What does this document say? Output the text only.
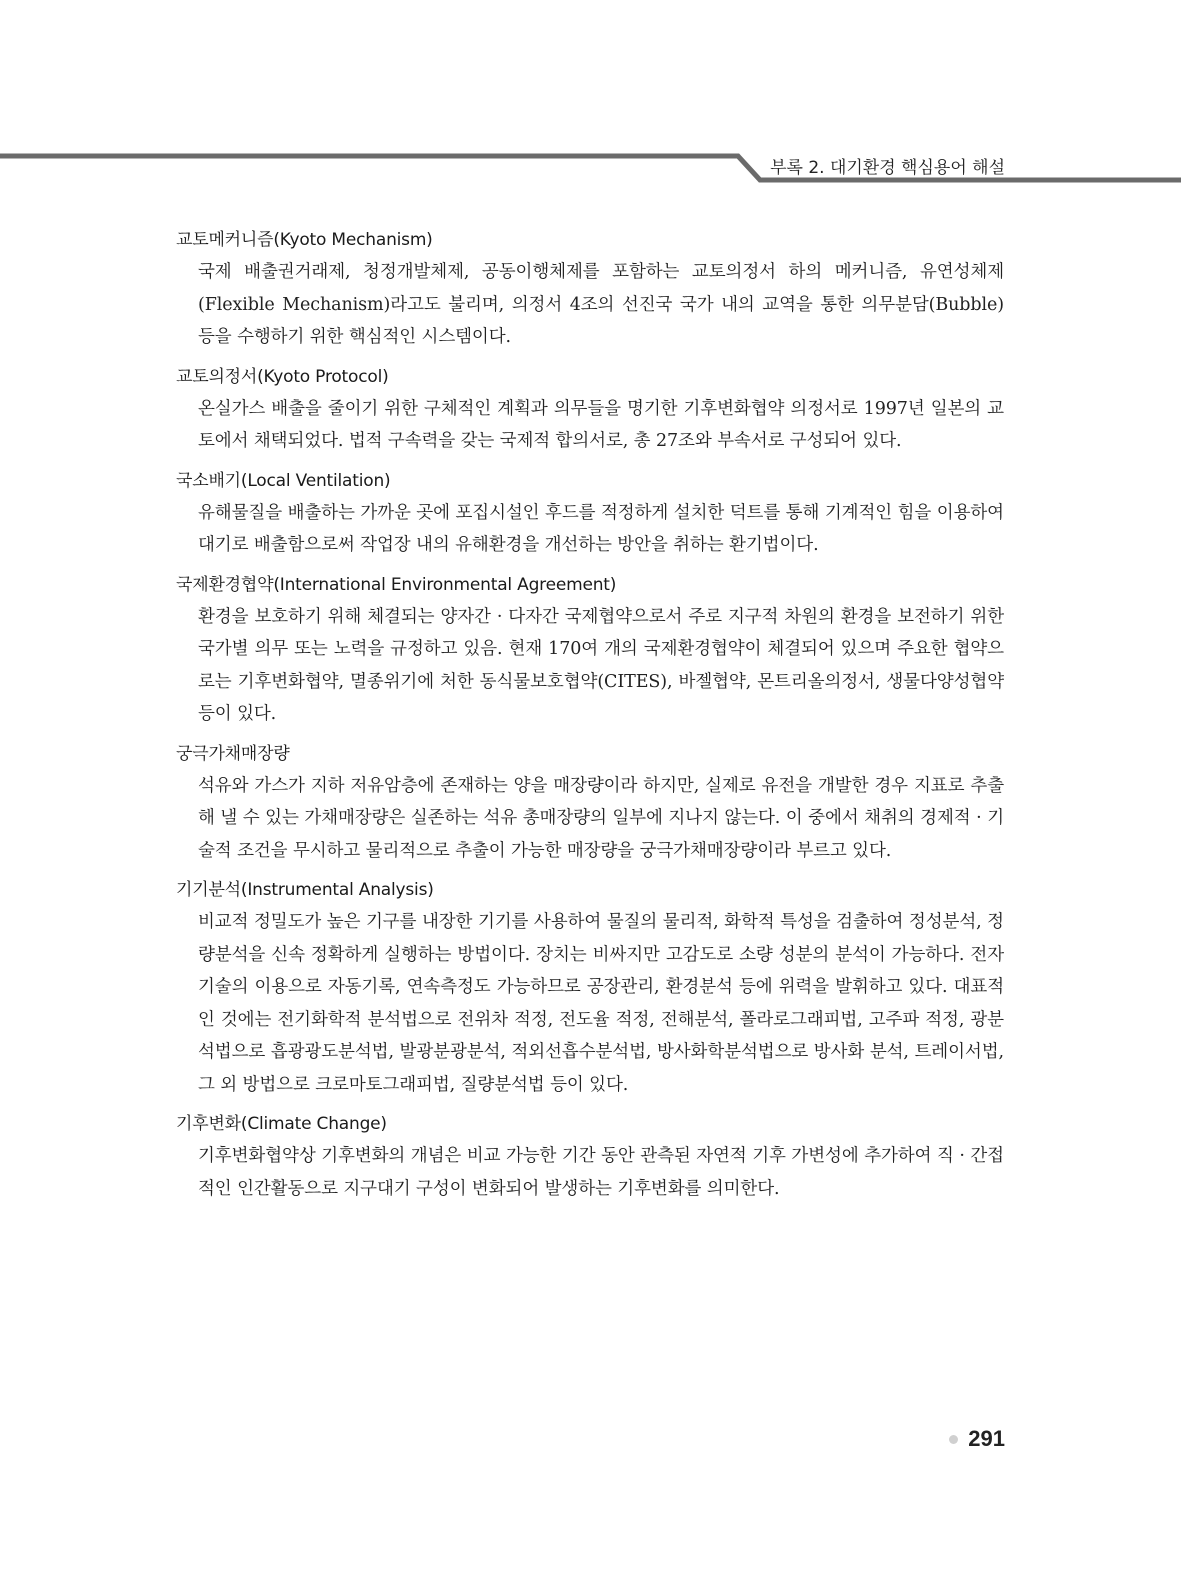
부록 2. 대기환경 핵심용어 해설

교토메커니즘(Kyoto Mechanism)

국제 배출권거래제, 청정개발체제, 공동이행체제를 포함하는 교토의정서 하의 메커니즘, 유연성체제(Flexible Mechanism)라고도 불리며, 의정서 4조의 선진국 국가 내의 교역을 통한 의무분담(Bubble) 등을 수행하기 위한 핵심적인 시스템이다.

교토의정서(Kyoto Protocol)

온실가스 배출을 줄이기 위한 구체적인 계획과 의무들을 명기한 기후변화협약 의정서로 1997년 일본의 교토에서 채택되었다. 법적 구속력을 갖는 국제적 합의서로, 총 27조와 부속서로 구성되어 있다.

국소배기(Local Ventilation)

유해물질을 배출하는 가까운 곳에 포집시설인 후드를 적정하게 설치한 덕트를 통해 기계적인 힘을 이용하여 대기로 배출함으로써 작업장 내의 유해환경을 개선하는 방안을 취하는 환기법이다.

국제환경협약(International Environmental Agreement)

환경을 보호하기 위해 체결되는 양자간 · 다자간 국제협약으로서 주로 지구적 차원의 환경을 보전하기 위한 국가별 의무 또는 노력을 규정하고 있음. 현재 170여 개의 국제환경협약이 체결되어 있으며 주요한 협약으로는 기후변화협약, 멸종위기에 처한 동식물보호협약(CITES), 바젤협약, 몬트리올의정서, 생물다양성협약 등이 있다.

궁극가채매장량

석유와 가스가 지하 저유암층에 존재하는 양을 매장량이라 하지만, 실제로 유전을 개발한 경우 지표로 추출해 낼 수 있는 가채매장량은 실존하는 석유 총매장량의 일부에 지나지 않는다. 이 중에서 채취의 경제적 · 기술적 조건을 무시하고 물리적으로 추출이 가능한 매장량을 궁극가채매장량이라 부르고 있다.

기기분석(Instrumental Analysis)

비교적 정밀도가 높은 기구를 내장한 기기를 사용하여 물질의 물리적, 화학적 특성을 검출하여 정성분석, 정량분석을 신속 정확하게 실행하는 방법이다. 장치는 비싸지만 고감도로 소량 성분의 분석이 가능하다. 전자기술의 이용으로 자동기록, 연속측정도 가능하므로 공장관리, 환경분석 등에 위력을 발휘하고 있다. 대표적인 것에는 전기화학적 분석법으로 전위차 적정, 전도율 적정, 전해분석, 폴라로그래피법, 고주파 적정, 광분석법으로 흡광광도분석법, 발광분광분석, 적외선흡수분석법, 방사화학분석법으로 방사화 분석, 트레이서법, 그 외 방법으로 크로마토그래피법, 질량분석법 등이 있다.

기후변화(Climate Change)

기후변화협약상 기후변화의 개념은 비교 가능한 기간 동안 관측된 자연적 기후 가변성에 추가하여 직 · 간접적인 인간활동으로 지구대기 구성이 변화되어 발생하는 기후변화를 의미한다.

291
